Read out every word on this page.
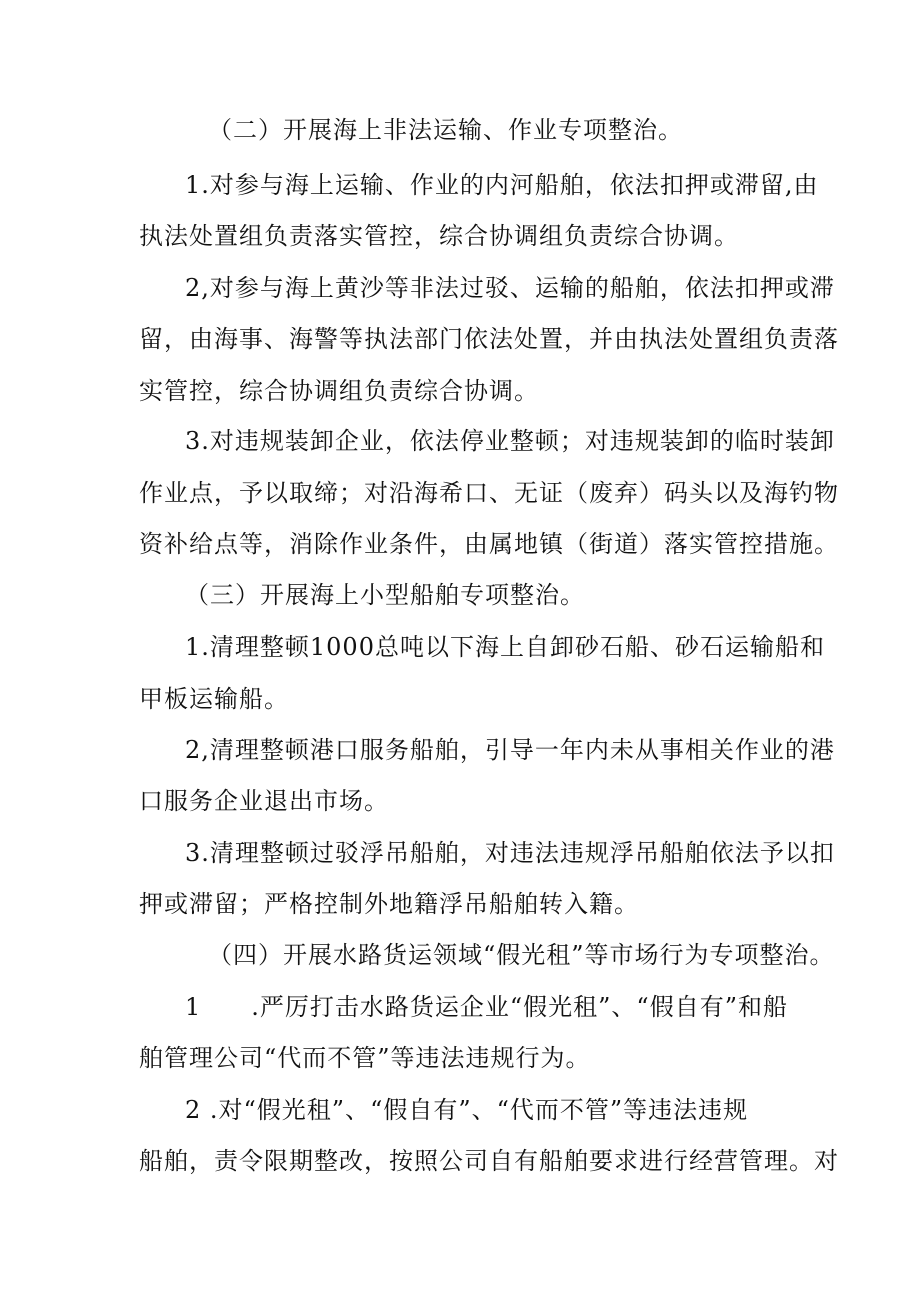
（二）开展海上非法运输、作业专项整治。
1.对参与海上运输、作业的内河船舶，依法扣押或滞留,由
执法处置组负责落实管控，综合协调组负责综合协调。
2,对参与海上黄沙等非法过驳、运输的船舶，依法扣押或滞
留，由海事、海警等执法部门依法处置，并由执法处置组负责落
实管控，综合协调组负责综合协调。
3.对违规装卸企业，依法停业整顿；对违规装卸的临时装卸
作业点，予以取缔；对沿海希口、无证（废弃）码头以及海钓物
资补给点等，消除作业条件，由属地镇（街道）落实管控措施。
（三）开展海上小型船舶专项整治。
1.清理整顿1000总吨以下海上自卸砂石船、砂石运输船和
甲板运输船。
2,清理整顿港口服务船舶，引导一年内未从事相关作业的港
口服务企业退出市场。
3.清理整顿过驳浮吊船舶，对违法违规浮吊船舶依法予以扣
押或滞留；严格控制外地籍浮吊船舶转入籍。
（四）开展水路货运领域“假光租”等市场行为专项整治。
1　　.严厉打击水路货运企业“假光租”、“假自有”和船
舶管理公司“代而不管”等违法违规行为。
2 .对“假光租”、“假自有”、“代而不管”等违法违规
船舶，责令限期整改，按照公司自有船舶要求进行经营管理。对
